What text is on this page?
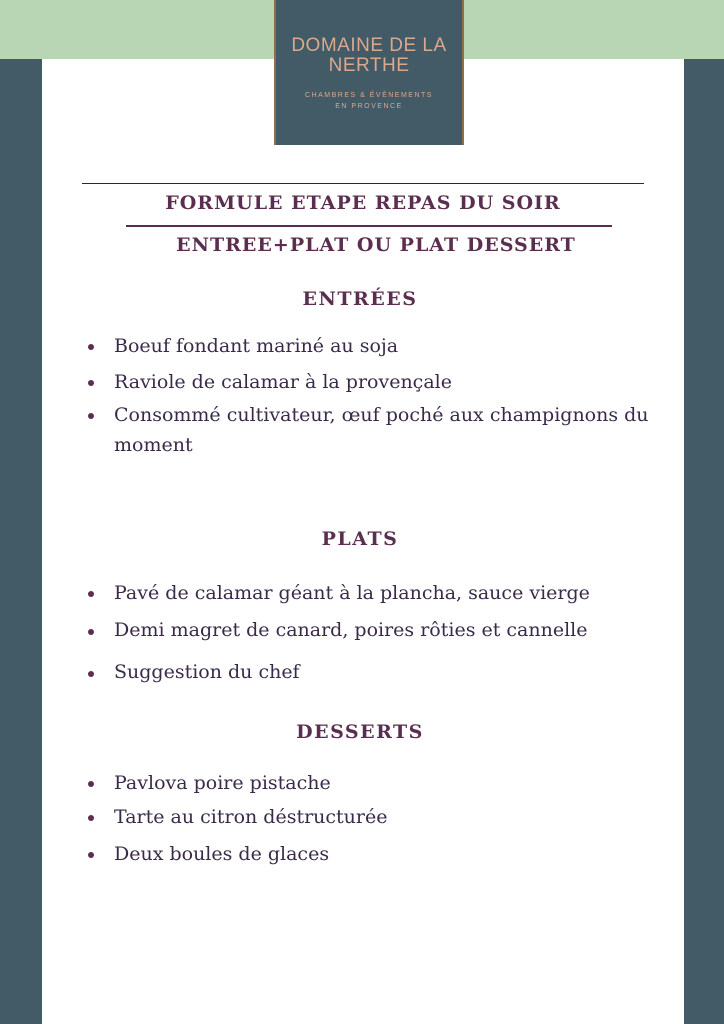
DOMAINE DE LA
NERTHE
CHAMBRES & ÉVÈNEMENTS
EN PROVENCE
FORMULE ETAPE REPAS DU SOIR
ENTREE+PLAT OU PLAT DESSERT
ENTRÉES
Boeuf fondant mariné au soja
Raviole de calamar à la provençale
Consommé cultivateur, œuf poché aux champignons du moment
PLATS
Pavé de calamar géant à la plancha, sauce vierge
Demi magret de canard, poires rôties et cannelle
Suggestion du chef
DESSERTS
Pavlova poire pistache
Tarte au citron déstructurée
Deux boules de glaces
